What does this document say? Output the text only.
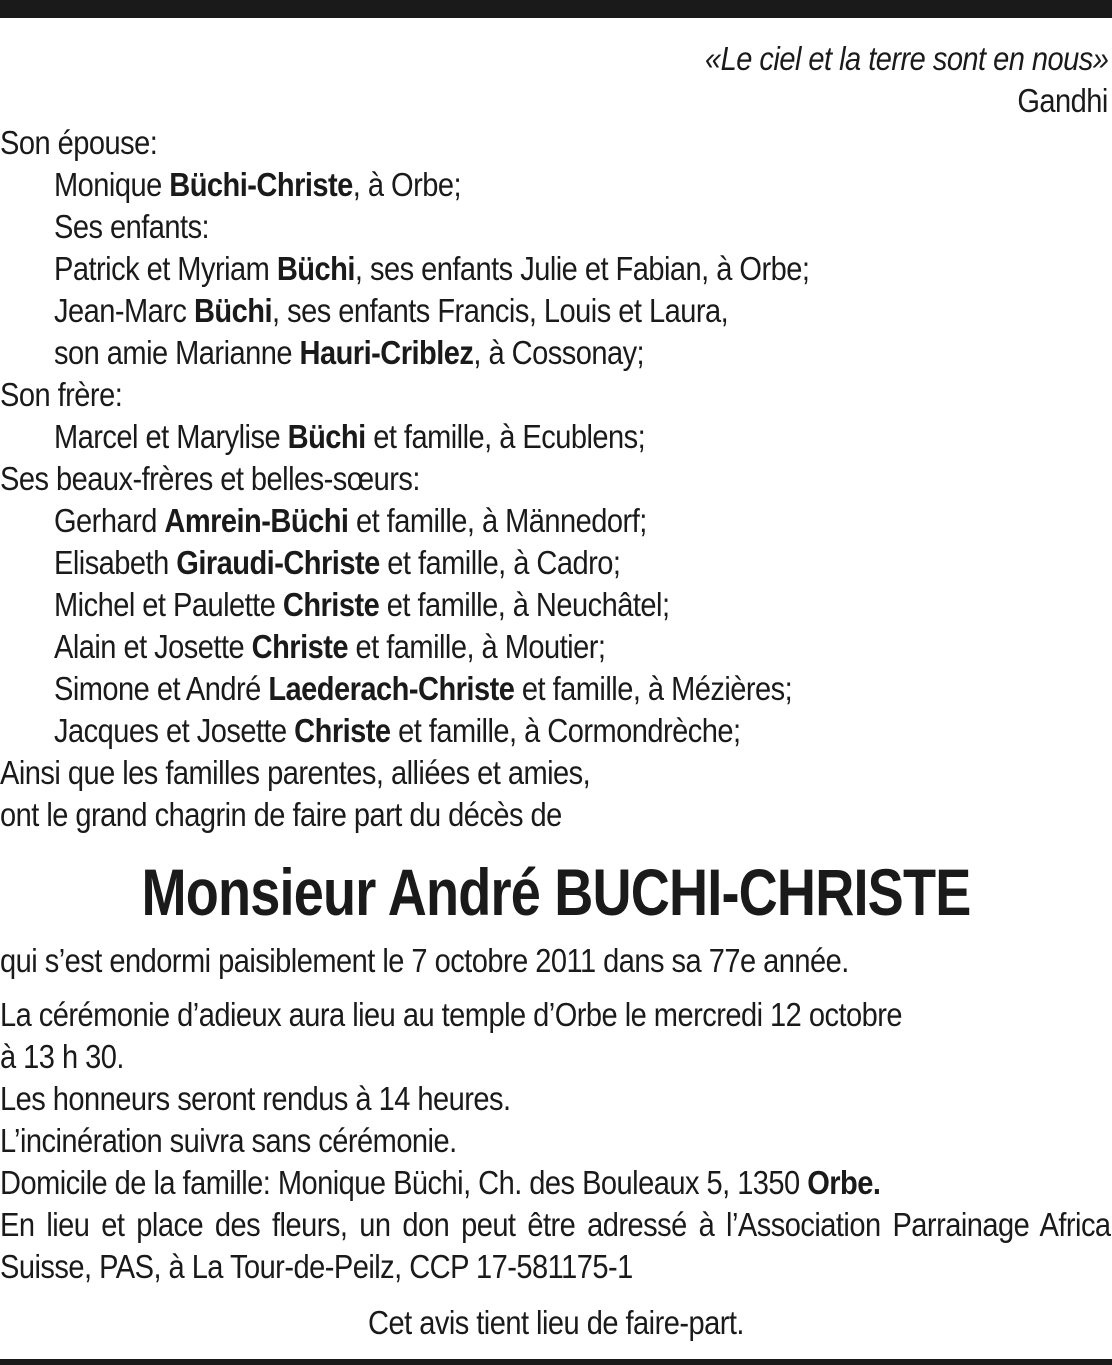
«Le ciel et la terre sont en nous»
Gandhi
Son épouse:
Monique Büchi-Christe, à Orbe;
Ses enfants:
Patrick et Myriam Büchi, ses enfants Julie et Fabian, à Orbe;
Jean-Marc Büchi, ses enfants Francis, Louis et Laura,
son amie Marianne Hauri-Criblez, à Cossonay;
Son frère:
Marcel et Marylise Büchi et famille, à Ecublens;
Ses beaux-frères et belles-sœurs:
Gerhard Amrein-Büchi et famille, à Männedorf;
Elisabeth Giraudi-Christe et famille, à Cadro;
Michel et Paulette Christe et famille, à Neuchâtel;
Alain et Josette Christe et famille, à Moutier;
Simone et André Laederach-Christe et famille, à Mézières;
Jacques et Josette Christe et famille, à Cormondrèche;
Ainsi que les familles parentes, alliées et amies,
ont le grand chagrin de faire part du décès de
Monsieur André BUCHI-CHRISTE
qui s’est endormi paisiblement le 7 octobre 2011 dans sa 77e année.
La cérémonie d’adieux aura lieu au temple d’Orbe le mercredi 12 octobre
à 13 h 30.
Les honneurs seront rendus à 14 heures.
L’incinération suivra sans cérémonie.
Domicile de la famille: Monique Büchi, Ch. des Bouleaux 5, 1350 Orbe.
En lieu et place des fleurs, un don peut être adressé à l’Association Parrainage Africa Suisse, PAS, à La Tour-de-Peilz, CCP 17-581175-1
Cet avis tient lieu de faire-part.
